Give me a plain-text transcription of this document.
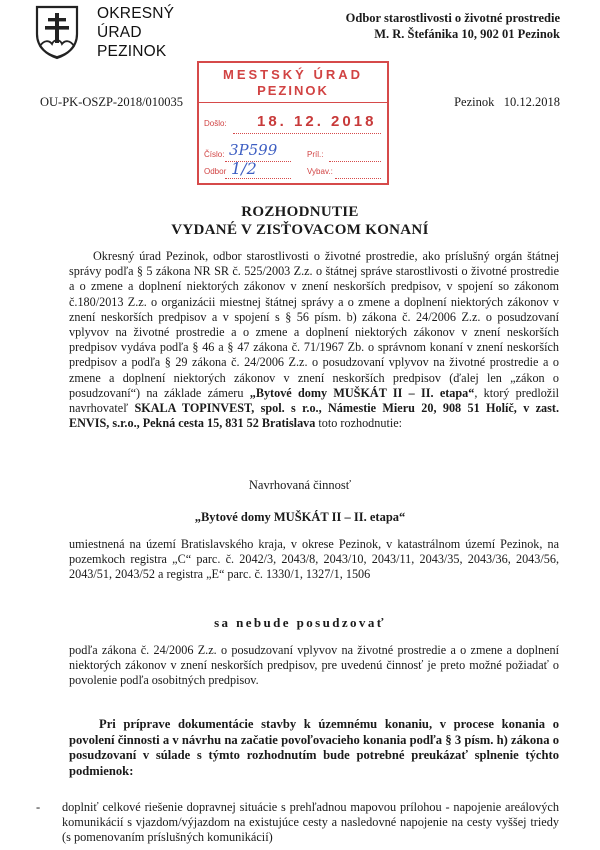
OKRESNÝ
ÚRAD
PEZINOK
Odbor starostlivosti o životné prostredie
M. R. Štefánika 10, 902 01 Pezinok
OU-PK-OSZP-2018/010035	Pezinok   10.12.2018
MESTSKÝ ÚRAD
PEZINOK
Došlo: 18. 12. 2018
Číslo: 3P599	Príl.:
Odbor 1/2	Vybav.:
ROZHODNUTIE
VYDANÉ V ZISŤOVACOM KONANÍ
Okresný úrad Pezinok, odbor starostlivosti o životné prostredie, ako príslušný orgán štátnej správy podľa § 5 zákona NR SR č. 525/2003 Z.z. o štátnej správe starostlivosti o životné prostredie a o zmene a doplnení niektorých zákonov v znení neskorších predpisov, v spojení so zákonom č.180/2013 Z.z. o organizácii miestnej štátnej správy a o zmene a doplnení niektorých zákonov v znení neskorších predpisov a v spojení s § 56 písm. b) zákona č. 24/2006 Z.z. o posudzovaní vplyvov na životné prostredie a o zmene a doplnení niektorých zákonov v znení neskorších predpisov vydáva podľa § 46 a § 47 zákona č. 71/1967 Zb. o správnom konaní v znení neskorších predpisov a podľa § 29 zákona č. 24/2006 Z.z. o posudzovaní vplyvov na životné prostredie a o zmene a doplnení niektorých zákonov v znení neskorších predpisov (ďalej len „zákon o posudzovaní“) na základe zámeru „Bytové domy MUŠKÁT II – II. etapa“, ktorý predložil navrhovateľ SKALA TOPINVEST, spol. s r.o., Námestie Mieru 20, 908 51 Holíč, v zast. ENVIS, s.r.o., Pekná cesta 15, 831 52 Bratislava toto rozhodnutie:
Navrhovaná činnosť
„Bytové domy MUŠKÁT II – II. etapa“
umiestnená na území Bratislavského kraja, v okrese Pezinok, v katastrálnom území Pezinok, na pozemkoch registra „C“ parc. č. 2042/3, 2043/8, 2043/10, 2043/11, 2043/35, 2043/36, 2043/56, 2043/51, 2043/52 a registra „E“ parc. č. 1330/1, 1327/1, 1506
sa nebude posudzovať
podľa zákona č. 24/2006 Z.z. o posudzovaní vplyvov na životné prostredie a o zmene a doplnení niektorých zákonov v znení neskorších predpisov, pre uvedenú činnosť je preto možné požiadať o povolenie podľa osobitných predpisov.
Pri príprave dokumentácie stavby k územnému konaniu, v procese konania o povolení činnosti a v návrhu na začatie povoľovacieho konania podľa § 3 písm. h) zákona o posudzovaní v súlade s týmto rozhodnutím bude potrebné preukázať splnenie týchto podmienok:
- doplniť celkové riešenie dopravnej situácie s prehľadnou mapovou prílohou - napojenie areálových komunikácií s vjazdom/výjazdom na existujúce cesty a nasledovné napojenie na cesty vyššej triedy (s pomenovaním príslušných komunikácií)
